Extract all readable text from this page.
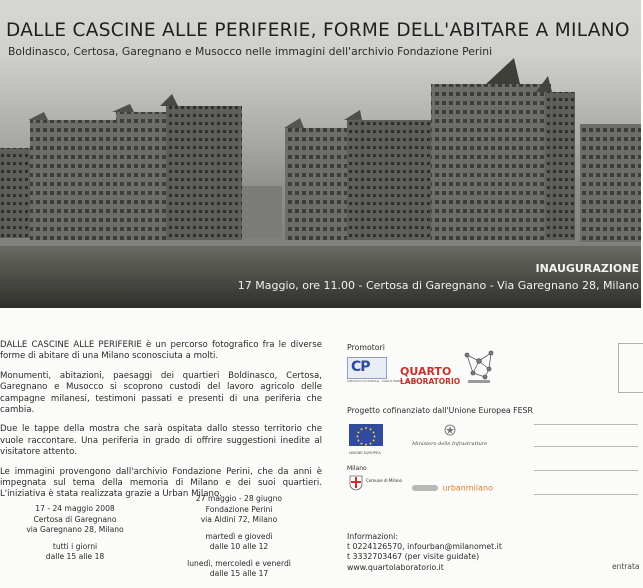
DALLE CASCINE ALLE PERIFERIE, FORME DELL'ABITARE A MILANO
Boldinasco, Certosa, Garegnano e Musocco nelle immagini dell'archivio Fondazione Perini
INAUGURAZIONE
17 Maggio, ore 11.00 - Certosa di Garegnano - Via Garegnano 28, Milano

DALLE CASCINE ALLE PERIFERIE è un percorso fotografico fra le diverse forme di abitare di una Milano sconosciuta a molti.

Monumenti, abitazioni, paesaggi dei quartieri Boldinasco, Certosa, Garegnano e Musocco si scoprono custodi del lavoro agricolo delle campagne milanesi, testimoni passati e presenti di una periferia che cambia.

Due le tappe della mostra che sarà ospitata dallo stesso territorio che vuole raccontare. Una periferia in grado di offrire suggestioni inedite al visitatore attento.

Le immagini provengono dall'archivio Fondazione Perini, che da anni è impegnata sul tema della memoria di Milano e dei suoi quartieri. L'iniziativa è stata realizzata grazie a Urban Milano.

17 - 24 maggio 2008
Certosa di Garegnano
via Garegnano 28, Milano
tutti i giorni
dalle 15 alle 18
27 maggio - 28 giugno
Fondazione Perini
via Aldini 72, Milano
martedì e giovedì
dalle 10 alle 12
lunedì, mercoledì e venerdì
dalle 15 alle 17
Promotori
CP
CIRCOLO CULTURALE · CARLO PERINI · MILANO
QUARTO
LABORATORIO
Progetto cofinanziato dall'Unione Europea FESR
UNIONE EUROPEA
Ministero delle Infrastrutture
Milano
Comune di Milano
urbanmilano
Informazioni:
t 0224126570, infourban@milanomet.it
t 3332703467 (per visite guidate)
www.quartolaboratorio.it	entrata
